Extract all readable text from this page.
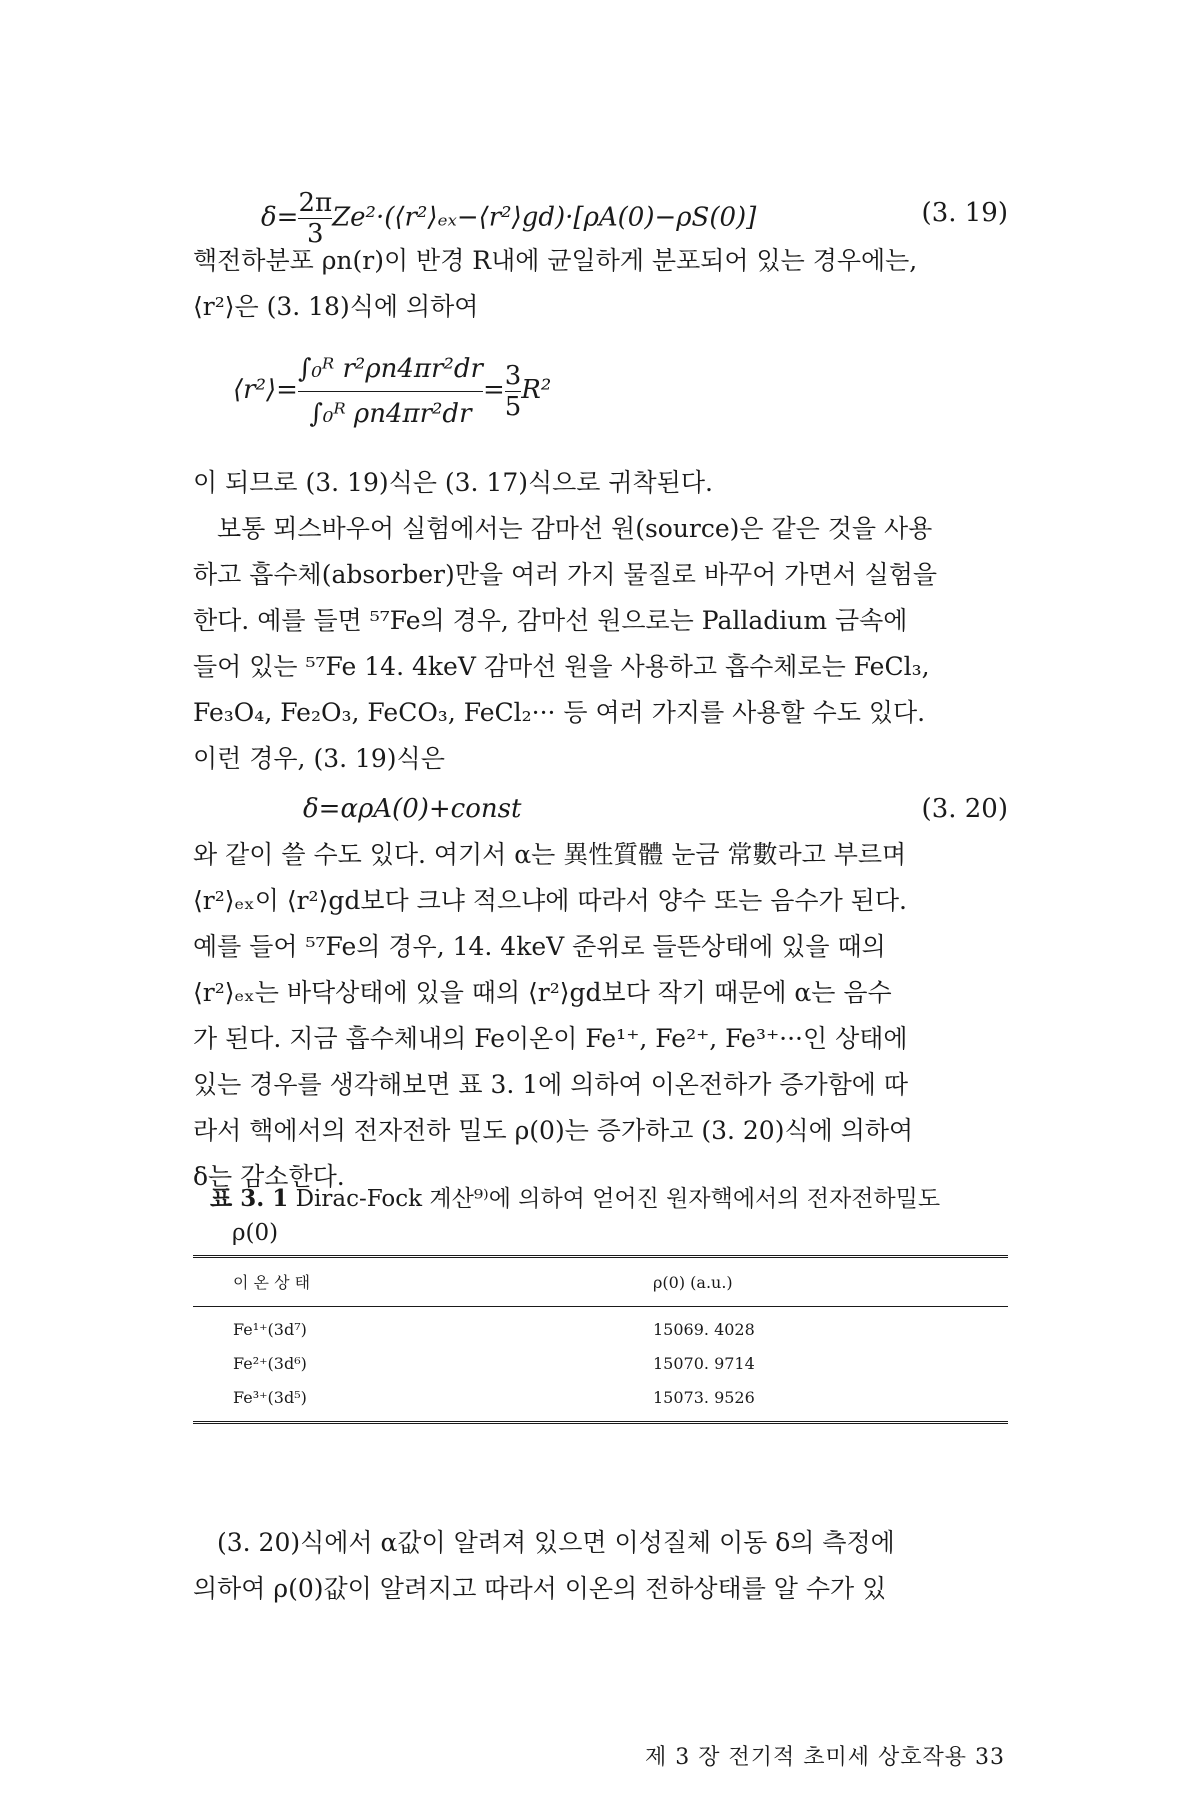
$\delta= \frac{2\pi}{3}$ Ze²·(⟨r²⟩ₑₓ−⟨r²⟩gd)·[ρA(0)−ρS(0)]	(3. 19)
핵전하분포 ρn(r)이 반경 R내에 균일하게 분포되어 있는 경우에는,
⟨r²⟩은 (3. 18)식에 의하여
⟨r²⟩= $\frac{\text{∫₀ᴿ r²ρn4πr²dr}}{\text{∫₀ᴿ ρn4πr²dr}} = \frac{3}{5} R^2$
이 되므로 (3. 19)식은 (3. 17)식으로 귀착된다.
보통 뫼스바우어 실험에서는 감마선 원(source)은 같은 것을 사용
하고 흡수체(absorber)만을 여러 가지 물질로 바꾸어 가면서 실험을
한다. 예를 들면 ⁵⁷Fe의 경우, 감마선 원으로는 Palladium 금속에
들어 있는 ⁵⁷Fe 14. 4keV 감마선 원을 사용하고 흡수체로는 FeCl₃,
Fe₃O₄, Fe₂O₃, FeCO₃, FeCl₂··· 등 여러 가지를 사용할 수도 있다.
이런 경우, (3. 19)식은
δ=αρA(0)+const	(3. 20)
와 같이 쓸 수도 있다. 여기서 α는 異性質體 눈금 常數라고 부르며
⟨r²⟩ₑₓ이 ⟨r²⟩gd보다 크냐 적으냐에 따라서 양수 또는 음수가 된다.
예를 들어 ⁵⁷Fe의 경우, 14. 4keV 준위로 들뜬상태에 있을 때의
⟨r²⟩ₑₓ는 바닥상태에 있을 때의 ⟨r²⟩gd보다 작기 때문에 α는 음수
가 된다. 지금 흡수체내의 Fe이온이 Fe¹⁺, Fe²⁺, Fe³⁺···인 상태에
있는 경우를 생각해보면 표 3. 1에 의하여 이온전하가 증가함에 따
라서 핵에서의 전자전하 밀도 ρ(0)는 증가하고 (3. 20)식에 의하여
δ는 감소한다.
표 3. 1 Dirac-Fock 계산⁹⁾에 의하여 얻어진 원자핵에서의 전자전하밀도
ρ(0)
이 온 상 태	ρ(0) (a.u.)
Fe¹⁺(3d⁷)	15069. 4028
Fe²⁺(3d⁶)	15070. 9714
Fe³⁺(3d⁵)	15073. 9526
(3. 20)식에서 α값이 알려져 있으면 이성질체 이동 δ의 측정에
의하여 ρ(0)값이 알려지고 따라서 이온의 전하상태를 알 수가 있
제 3 장 전기적 초미세 상호작용 33
